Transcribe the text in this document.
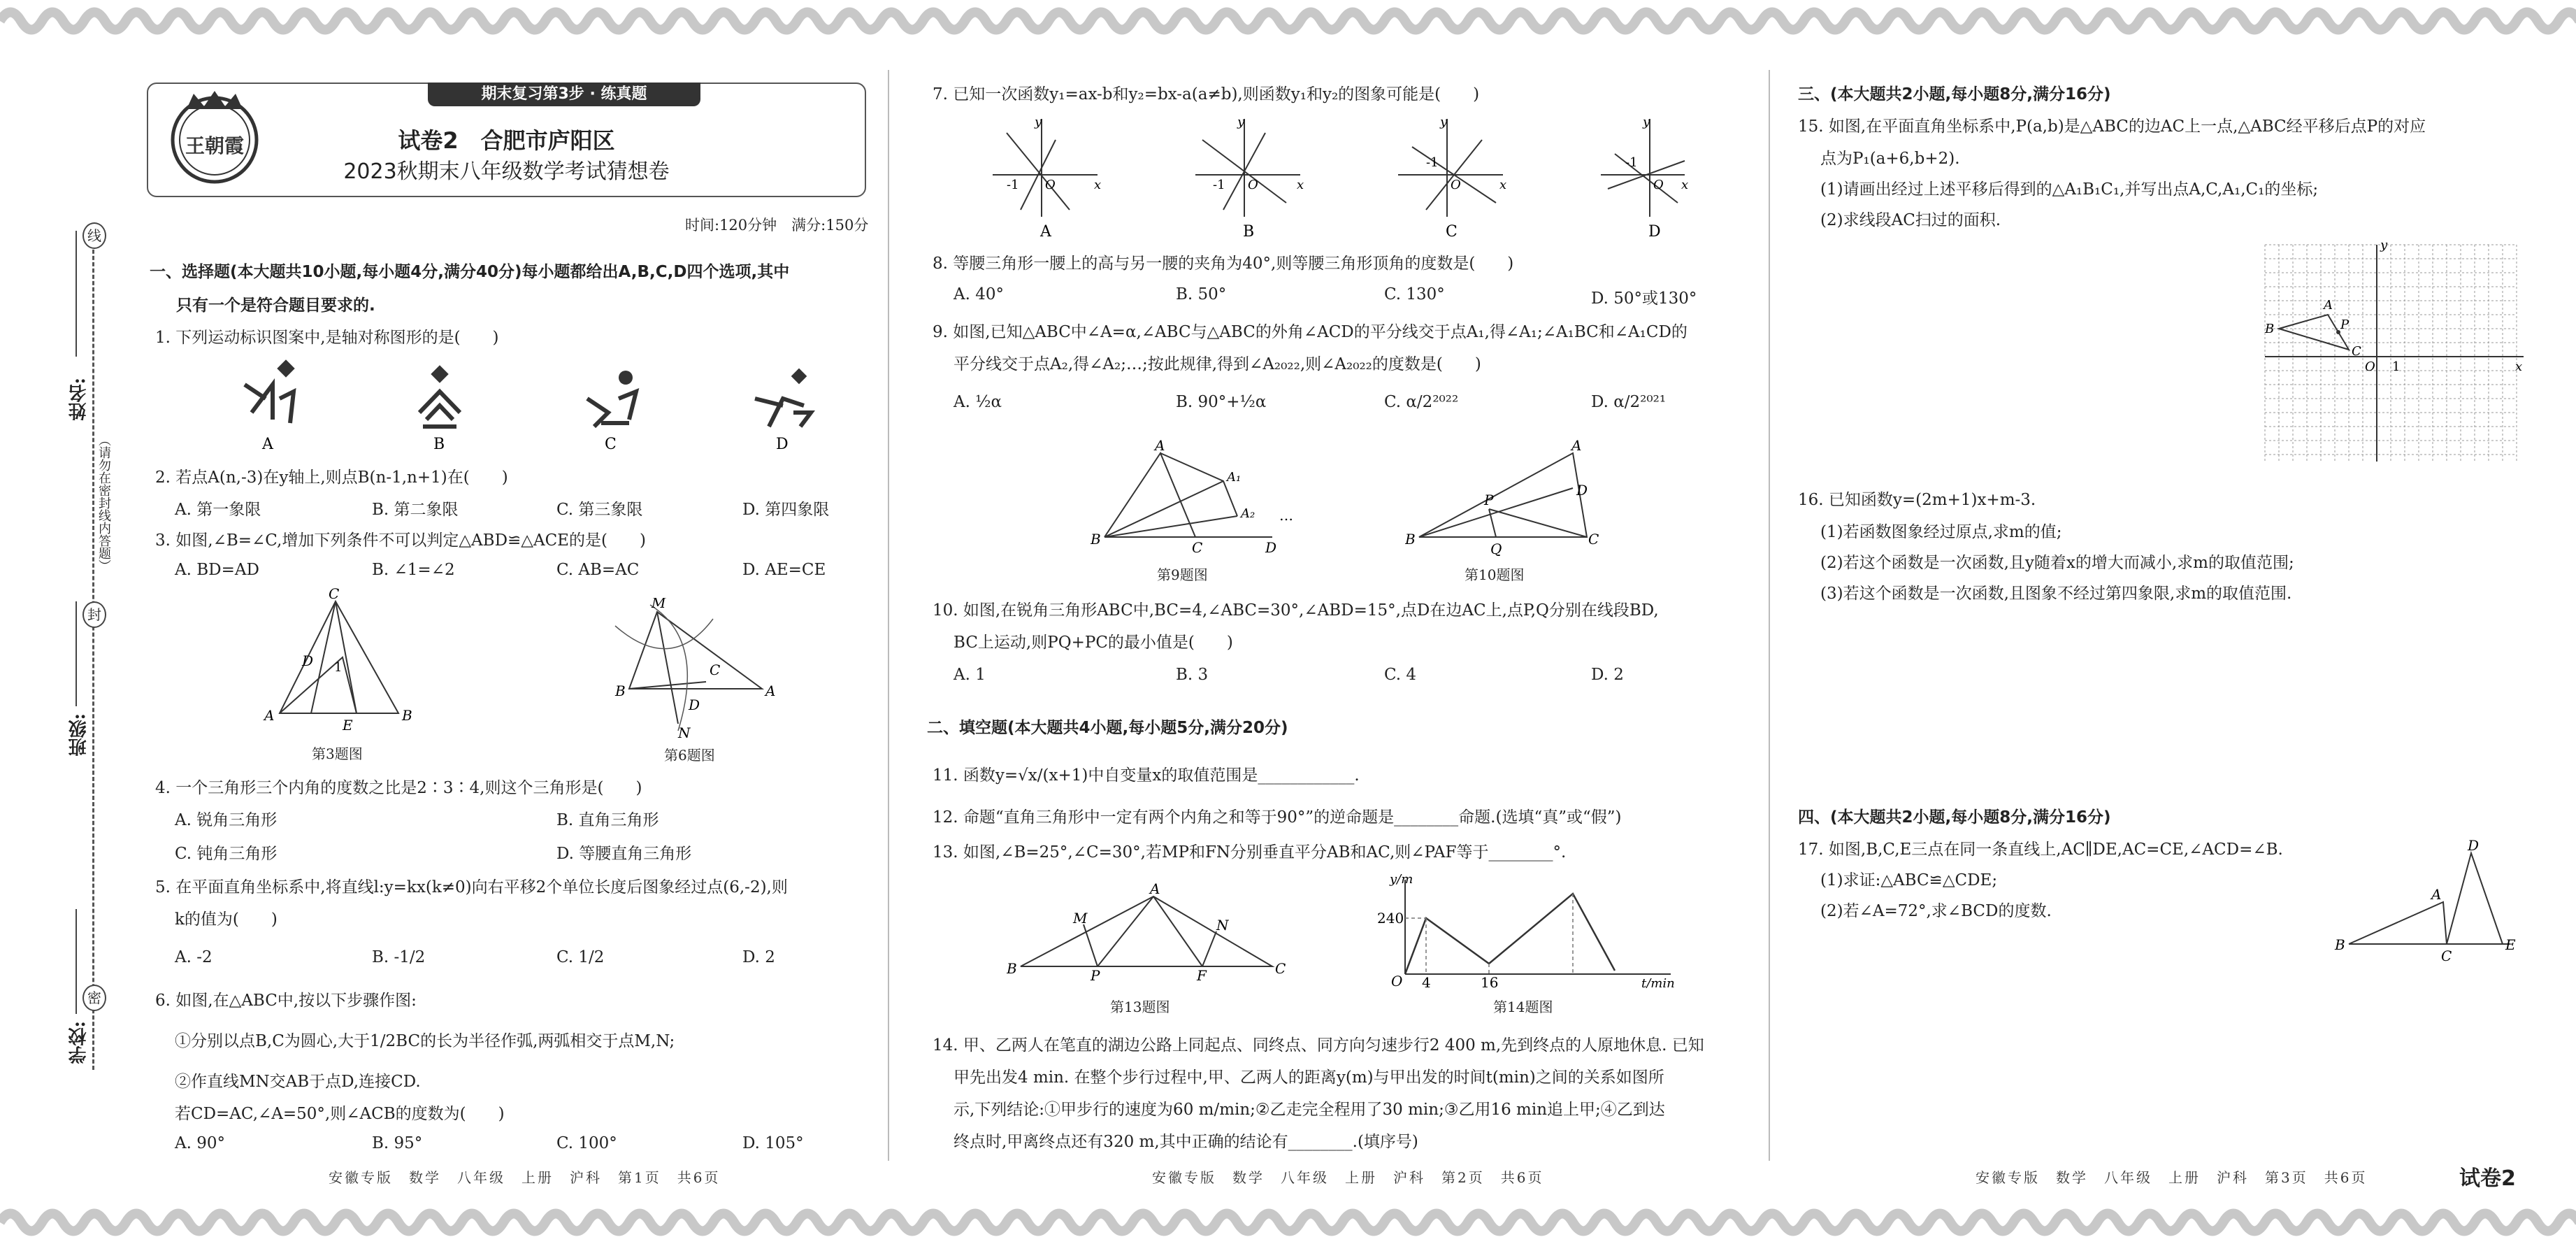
姓名:
班级:
学校:
线
封
密
（请勿在密封线内答题）
期末复习第3步 · 练真题
试卷2　合肥市庐阳区
2023秋期末八年级数学考试猜想卷
王朝霞
时间:120分钟　满分:150分
一、选择题(本大题共10小题,每小题4分,满分40分)每小题都给出A,B,C,D四个选项,其中
只有一个是符合题目要求的.
1. 下列运动标识图案中,是轴对称图形的是(　　)
A	B	C	D
2. 若点A(n,-3)在y轴上,则点B(n-1,n+1)在(　　)
A. 第一象限	B. 第二象限	C. 第三象限	D. 第四象限
3. 如图,∠B=∠C,增加下列条件不可以判定△ABD≌△ACE的是(　　)
A. BD=AD	B. ∠1=∠2	C. AB=AC	D. AE=CE
C
A	B
E
D 1
第3题图
M
B	A
N
D
C
第6题图
4. 一个三角形三个内角的度数之比是2∶3∶4,则这个三角形是(　　)
A. 锐角三角形	B. 直角三角形
C. 钝角三角形	D. 等腰直角三角形
5. 在平面直角坐标系中,将直线l:y=kx(k≠0)向右平移2个单位长度后图象经过点(6,-2),则
k的值为(　　)
A. -2	B. -1/2	C. 1/2	D. 2
6. 如图,在△ABC中,按以下步骤作图:
①分别以点B,C为圆心,大于1/2BC的长为半径作弧,两弧相交于点M,N;
②作直线MN交AB于点D,连接CD.
若CD=AC,∠A=50°,则∠ACB的度数为(　　)
A. 90°	B. 95°	C. 100°	D. 105°
安徽专版　数学　八年级　上册　沪科　第1页　共6页
7. 已知一次函数y₁=ax-b和y₂=bx-a(a≠b),则函数y₁和y₂的图象可能是(　　)
y
x
-1 O
A
y
x
-1 O
B
y
x
-1
O
C
y
x
-1
O
D
8. 等腰三角形一腰上的高与另一腰的夹角为40°,则等腰三角形顶角的度数是(　　)
A. 40°	B. 50°	C. 130°	D. 50°或130°
9. 如图,已知△ABC中∠A=α,∠ABC与△ABC的外角∠ACD的平分线交于点A₁,得∠A₁;∠A₁BC和∠A₁CD的
平分线交于点A₂,得∠A₂;…;按此规律,得到∠A₂₀₂₂,则∠A₂₀₂₂的度数是(　　)
A. ½α	B. 90°+½α	C. α/2²⁰²²	D. α/2²⁰²¹
A
B	C	D
A₁
A₂ …
第9题图
A
B	C
D
P
Q
第10题图
10. 如图,在锐角三角形ABC中,BC=4,∠ABC=30°,∠ABD=15°,点D在边AC上,点P,Q分别在线段BD,
BC上运动,则PQ+PC的最小值是(　　)
A. 1	B. 3	C. 4	D. 2
二、填空题(本大题共4小题,每小题5分,满分20分)
11. 函数y=√x/(x+1)中自变量x的取值范围是____________.
12. 命题“直角三角形中一定有两个内角之和等于90°”的逆命题是________命题.(选填“真”或“假”)
13. 如图,∠B=25°,∠C=30°,若MP和FN分别垂直平分AB和AC,则∠PAF等于________°.
A
B	C
M
P	F
N
第13题图
y/m
240
O 4	16	t/min
第14题图
14. 甲、乙两人在笔直的湖边公路上同起点、同终点、同方向匀速步行2 400 m,先到终点的人原地休息. 已知
甲先出发4 min. 在整个步行过程中,甲、乙两人的距离y(m)与甲出发的时间t(min)之间的关系如图所
示,下列结论:①甲步行的速度为60 m/min;②乙走完全程用了30 min;③乙用16 min追上甲;④乙到达
终点时,甲离终点还有320 m,其中正确的结论有________.(填序号)
安徽专版　数学　八年级　上册　沪科　第2页　共6页
三、(本大题共2小题,每小题8分,满分16分)
15. 如图,在平面直角坐标系中,P(a,b)是△ABC的边AC上一点,△ABC经平移后点P的对应
点为P₁(a+6,b+2).
(1)请画出经过上述平移后得到的△A₁B₁C₁,并写出点A,C,A₁,C₁的坐标;
(2)求线段AC扫过的面积.
y
x
O 1
B
A
C
P
16. 已知函数y=(2m+1)x+m-3.
(1)若函数图象经过原点,求m的值;
(2)若这个函数是一次函数,且y随着x的增大而减小,求m的取值范围;
(3)若这个函数是一次函数,且图象不经过第四象限,求m的取值范围.
四、(本大题共2小题,每小题8分,满分16分)
17. 如图,B,C,E三点在同一条直线上,AC∥DE,AC=CE,∠ACD=∠B.
(1)求证:△ABC≌△CDE;
(2)若∠A=72°,求∠BCD的度数.
D
A
B
C
E
安徽专版　数学　八年级　上册　沪科　第3页　共6页	试卷2
